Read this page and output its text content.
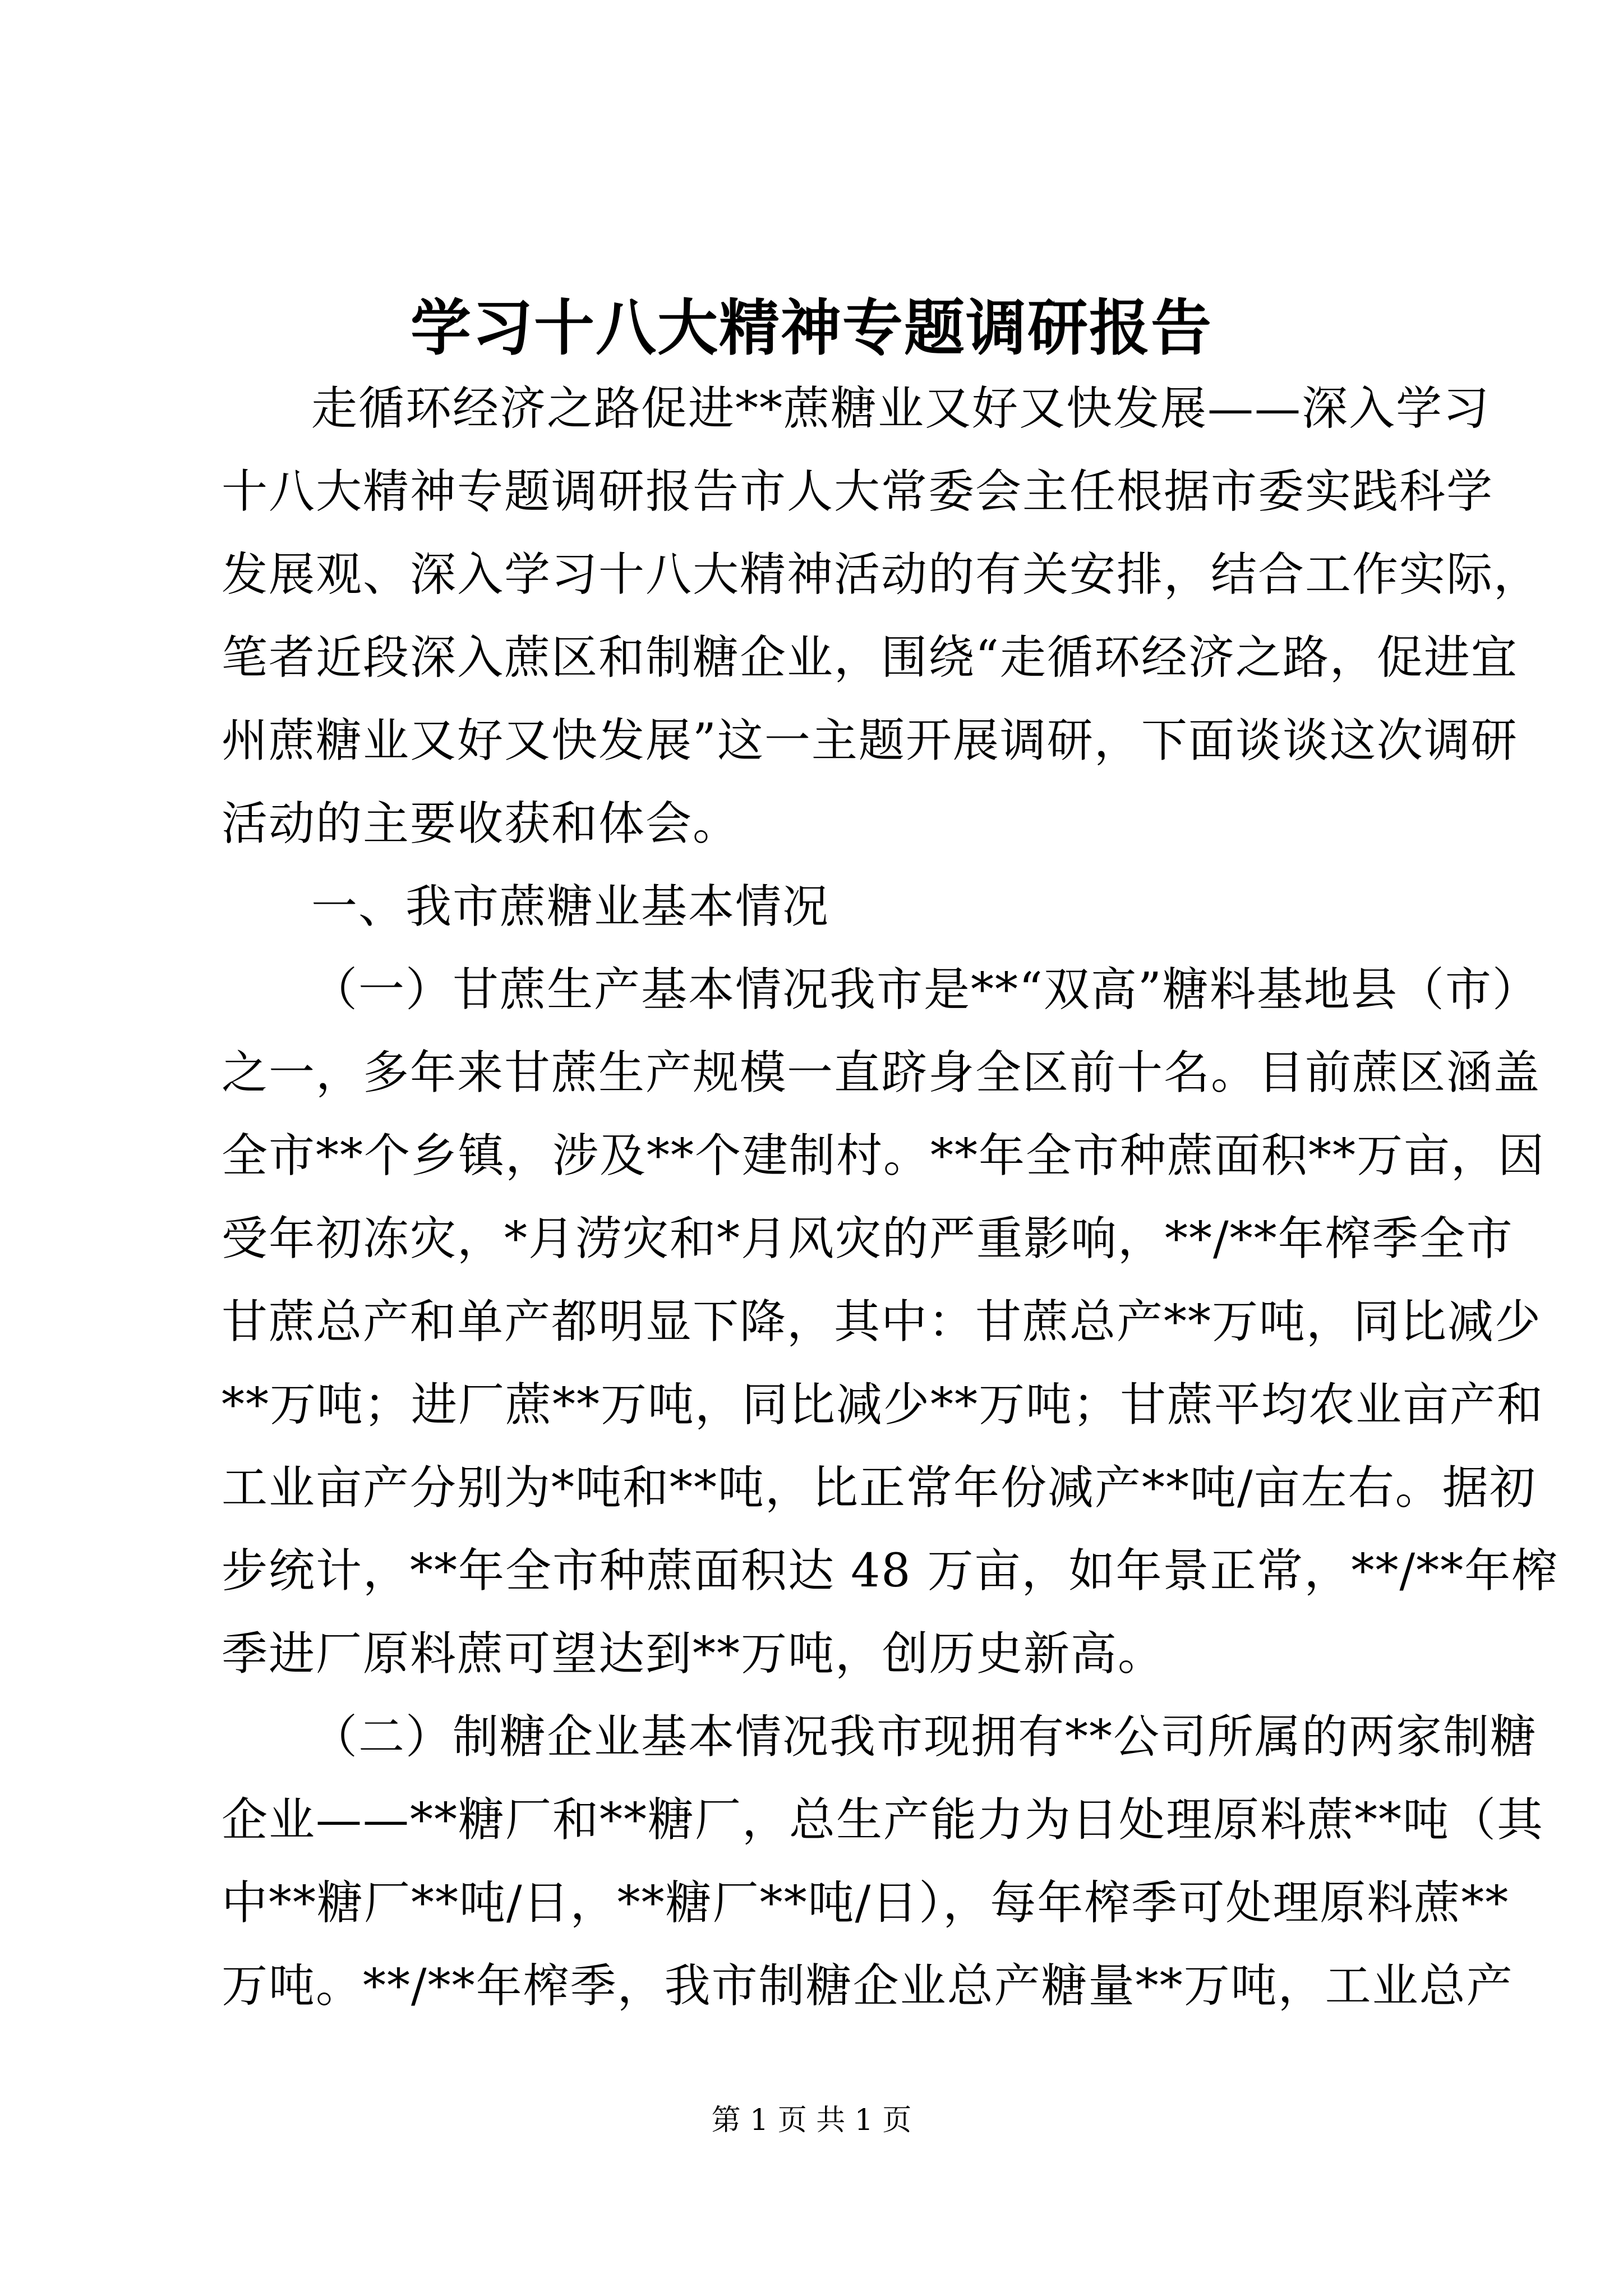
学习十八大精神专题调研报告
走循环经济之路促进**蔗糖业又好又快发展——深入学习
十八大精神专题调研报告市人大常委会主任根据市委实践科学
发展观、深入学习十八大精神活动的有关安排，结合工作实际，
笔者近段深入蔗区和制糖企业，围绕“走循环经济之路，促进宜
州蔗糖业又好又快发展”这一主题开展调研，下面谈谈这次调研
活动的主要收获和体会。
一、我市蔗糖业基本情况
（一）甘蔗生产基本情况我市是**“双高”糖料基地县（市）
之一，多年来甘蔗生产规模一直跻身全区前十名。目前蔗区涵盖
全市**个乡镇，涉及**个建制村。**年全市种蔗面积**万亩，因
受年初冻灾，*月涝灾和*月风灾的严重影响，**/**年榨季全市
甘蔗总产和单产都明显下降，其中：甘蔗总产**万吨，同比减少
**万吨；进厂蔗**万吨，同比减少**万吨；甘蔗平均农业亩产和
工业亩产分别为*吨和**吨，比正常年份减产**吨/亩左右。据初
步统计，**年全市种蔗面积达 48 万亩，如年景正常，**/**年榨
季进厂原料蔗可望达到**万吨，创历史新高。
（二）制糖企业基本情况我市现拥有**公司所属的两家制糖
企业——**糖厂和**糖厂，总生产能力为日处理原料蔗**吨（其
中**糖厂**吨/日，**糖厂**吨/日），每年榨季可处理原料蔗**
万吨。**/**年榨季，我市制糖企业总产糖量**万吨，工业总产
第 1 页 共 1 页
